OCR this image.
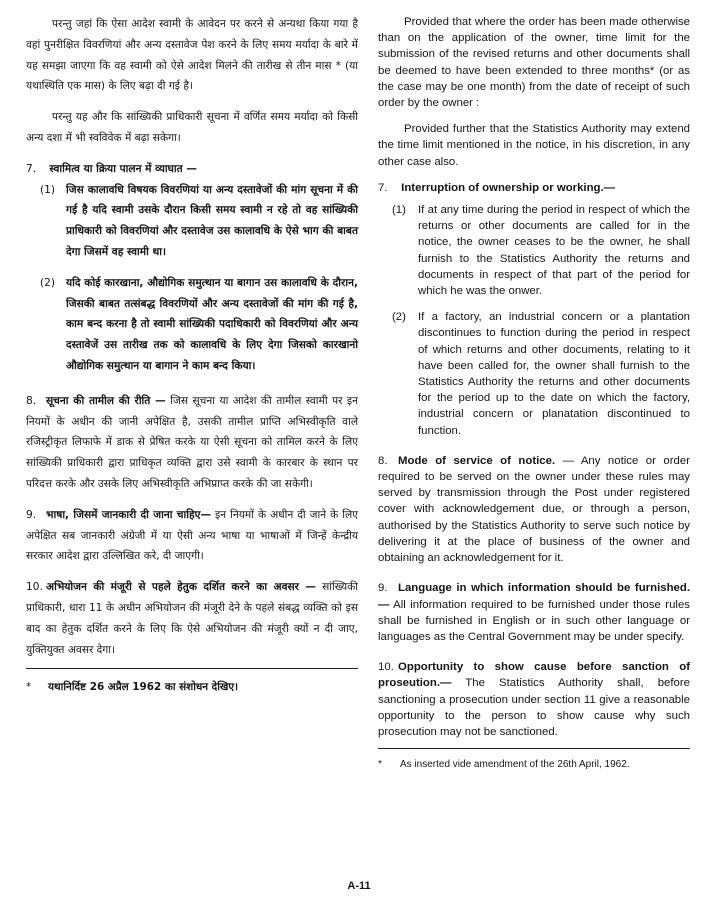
परन्तु जहां कि ऐसा आदेश स्वामी के आवेदन पर करने से अन्यथा किया गया है वहां पुनरीक्षित विवरणियां और अन्य दस्तावेज पेश करने के लिए समय मर्यादा के बारे में यह समझा जाएगा कि वह स्वामी को ऐसे आदेश मिलने की तारीख से तीन मास * (या यथास्थिति एक मास) के लिए बढ़ा दी गई है।

परन्तु यह और कि सांख्यिकी प्राधिकारी सूचना में वर्णित समय मर्यादा को किसी अन्य दशा में भी स्वविवेक में बढ़ा सकेगा।

7. स्वामित्व या क्रिया पालन में व्याघात —

(1)	जिस कालावधि विषयक विवरणियां या अन्य दस्तावेजों की मांग सूचना में की गई है यदि स्वामी उसके दौरान किसी समय स्वामी न रहे तो वह सांख्यिकी प्राधिकारी को विवरणियां और दस्तावेज उस कालावधि के ऐसे भाग की बाबत देगा जिसमें वह स्वामी था।

(2)	यदि कोई कारखाना, औद्योगिक समुत्थान या बागान उस कालावधि के दौरान, जिसकी बाबत तत्संबद्ध विवरणियों और अन्य दस्तावेजों की मांग की गई है, काम बन्द करना है तो स्वामी सांख्यिकी पदाधिकारी को विवरणियां और अन्य दस्तावेजें उस तारीख तक को कालावधि के लिए देगा जिसको कारखानो औद्योगिक समुत्थान या बागान ने काम बन्द किया।

8. सूचना की तामील की रीति — जिस सूचना या आदेश की तामील स्वामी पर इन नियमों के अधीन की जानी अपेक्षित है, उसकी तामील प्राप्ति अभिस्वीकृति वाले रजिस्ट्रीकृत लिफाफे में डाक से प्रेषित करके या ऐसी सूचना को तामिल करने के लिए सांख्यिकी प्राधिकारी द्वारा प्राधिकृत व्यक्ति द्वारा उसे स्वामी के कारबार के स्थान पर परिदत्त करके और उसके लिए अभिस्वीकृति अभिप्राप्त करके की जा सकेगी।

9. भाषा, जिसमें जानकारी दी जाना चाहिए— इन नियमों के अधीन दी जाने के लिए अपेक्षित सब जानकारी अंग्रेजी में या ऐसी अन्य भाषा या भाषाओं में जिन्हें केन्द्रीय सरकार आदेश द्वारा उल्लिखित करे, दी जाएगी।

10. अभियोजन की मंजूरी से पहले हेतुक दर्शित करने का अवसर — सांख्यिकी प्राधिकारी, धारा 11 के अधीन अभियोजन की मंजूरी देने के पहले संबद्ध व्यक्ति को इस बाद का हेतुक दर्शित करने के लिए कि ऐसे अभियोजन की मंजूरी क्यों न दी जाए, युक्तियुक्त अवसर देगा।

*	यथानिर्दिष्ट 26 अप्रैल 1962 का संशोधन देखिए।

Provided that where the order has been made otherwise than on the application of the owner, time limit for the submission of the revised returns and other documents shall be deemed to have been extended to three months* (or as the case may be one month) from the date of receipt of such order by the owner :

Provided further that the Statistics Authority may extend the time limit mentioned in the notice, in his discretion, in any other case also.

7. Interruption of ownership or working.—

(1)	If at any time during the period in respect of which the returns or other documents are called for in the notice, the owner ceases to be the owner, he shall furnish to the Statistics Authority the returns and documents in respect of that part of the period for which he was the onwer.

(2)	If a factory, an industrial concern or a plantation discontinues to function during the period in respect of which returns and other documents, relating to it have been called for, the owner shall furnish to the Statistics Authority the returns and other documents for the period up to the date on which the factory, industrial concern or planatation discontinued to function.

8. Mode of service of notice. — Any notice or order required to be served on the owner under these rules may served by transmission through the Post under registered cover with acknowledgement due, or through a person, authorised by the Statistics Authority to serve such notice by delivering it at the place of business of the owner and obtaining an acknowledgement for it.

9. Language in which information should be furnished.— All information required to be furnished under those rules shall be furnished in English or in such other language or languages as the Central Government may be under specify.

10. Opportunity to show cause before sanction of proseution.— The Statistics Authority shall, before sanctioning a prosecution under section 11 give a reasonable opportunity to the person to show cause why such prosecution may not be sanctioned.

*	As inserted vide amendment of the 26th April, 1962.
A-11
